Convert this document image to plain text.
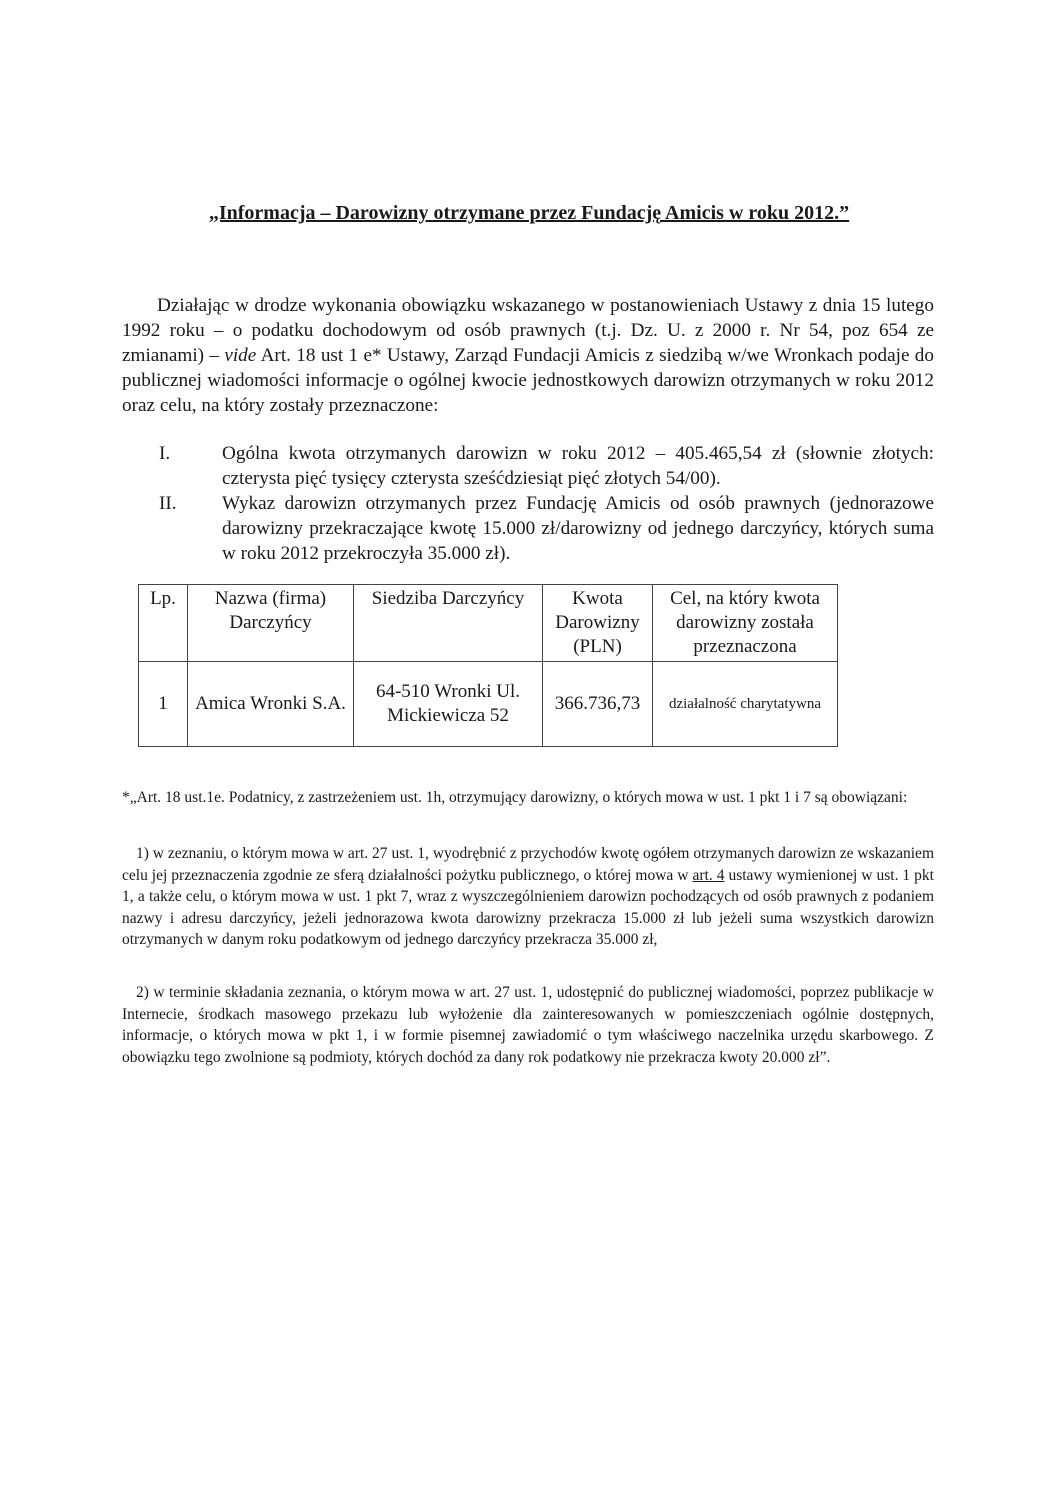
„Informacja – Darowizny otrzymane przez Fundację Amicis w roku 2012.”
Działając w drodze wykonania obowiązku wskazanego w postanowieniach Ustawy z dnia 15 lutego 1992 roku – o podatku dochodowym od osób prawnych (t.j. Dz. U. z 2000 r. Nr 54, poz 654 ze zmianami) – vide Art. 18 ust 1 e* Ustawy, Zarząd Fundacji Amicis z siedzibą w/we Wronkach podaje do publicznej wiadomości informacje o ogólnej kwocie jednostkowych darowizn otrzymanych w roku 2012 oraz celu, na który zostały przeznaczone:
I.	Ogólna kwota otrzymanych darowizn w roku 2012 – 405.465,54 zł (słownie złotych: czterysta pięć tysięcy czterysta sześćdziesiąt pięć złotych 54/00).
II.	Wykaz darowizn otrzymanych przez Fundację Amicis od osób prawnych (jednorazowe darowizny przekraczające kwotę 15.000 zł/darowizny od jednego darczyńcy, których suma w roku 2012 przekroczyła 35.000 zł).
Lp.	Nazwa (firma) Darczyńcy	Siedziba Darczyńcy	Kwota Darowizny (PLN)	Cel, na który kwota darowizny została przeznaczona
1	Amica Wronki S.A.	64-510 Wronki Ul. Mickiewicza 52	366.736,73	działalność charytatywna
*„Art. 18 ust.1e. Podatnicy, z zastrzeżeniem ust. 1h, otrzymujący darowizny, o których mowa w ust. 1 pkt 1 i 7 są obowiązani:
1) w zeznaniu, o którym mowa w art. 27 ust. 1, wyodrębnić z przychodów kwotę ogółem otrzymanych darowizn ze wskazaniem celu jej przeznaczenia zgodnie ze sferą działalności pożytku publicznego, o której mowa w art. 4 ustawy wymienionej w ust. 1 pkt 1, a także celu, o którym mowa w ust. 1 pkt 7, wraz z wyszczególnieniem darowizn pochodzących od osób prawnych z podaniem nazwy i adresu darczyńcy, jeżeli jednorazowa kwota darowizny przekracza 15.000 zł lub jeżeli suma wszystkich darowizn otrzymanych w danym roku podatkowym od jednego darczyńcy przekracza 35.000 zł,
2) w terminie składania zeznania, o którym mowa w art. 27 ust. 1, udostępnić do publicznej wiadomości, poprzez publikacje w Internecie, środkach masowego przekazu lub wyłożenie dla zainteresowanych w pomieszczeniach ogólnie dostępnych, informacje, o których mowa w pkt 1, i w formie pisemnej zawiadomić o tym właściwego naczelnika urzędu skarbowego. Z obowiązku tego zwolnione są podmioty, których dochód za dany rok podatkowy nie przekracza kwoty 20.000 zł”.
